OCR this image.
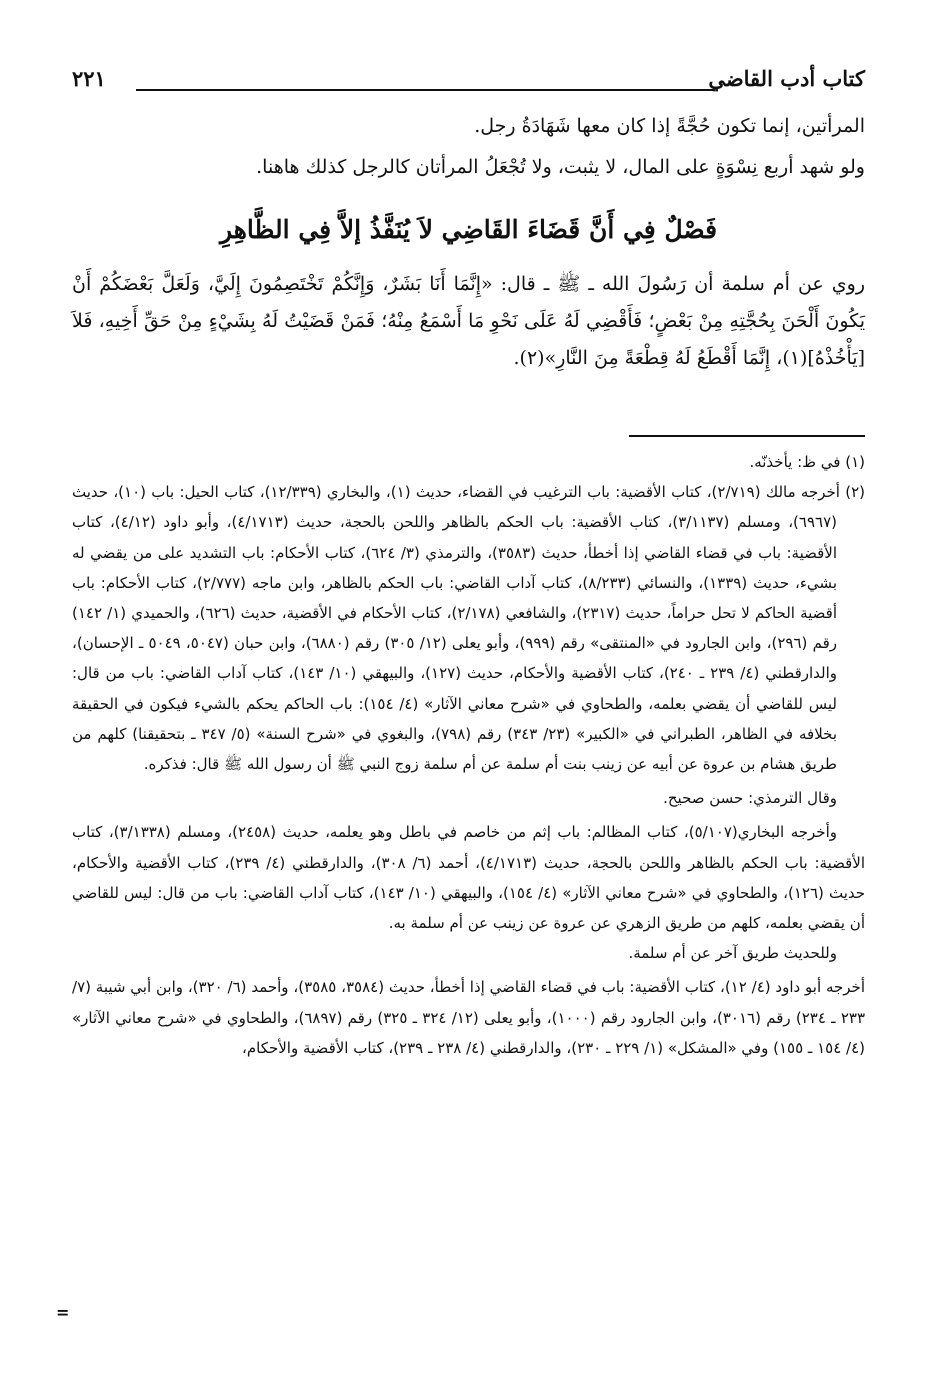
كتاب أدب القاضي
٢٢١

المرأتين، إنما تكون حُجَّةً إذا كان معها شَهَادَةُ رجل.

ولو شهد أربع نِسْوَةٍ على المال، لا يثبت، ولا تُجْعَلُ المرأتان كالرجل كذلك هاهنا.

فَصْلٌ فِي أَنَّ قَضَاءَ القَاضِي لاَ يُنَفَّذُ إلاَّ فِي الظَّاهِرِ

روي عن أم سلمة أن رَسُولَ الله ـ ﷺ ـ قال: «إِنَّمَا أَنَا بَشَرٌ، وَإِنَّكُمْ تَخْتَصِمُونَ إِلَيَّ، وَلَعَلَّ بَعْضَكُمْ أَنْ يَكُونَ أَلْحَنَ بِحُجَّتِهِ مِنْ بَعْضٍ؛ فَأَقْضِي لَهُ عَلَى نَحْوِ مَا أَسْمَعُ مِنْهُ؛ فَمَنْ قَضَيْتُ لَهُ بِشَيْءٍ مِنْ حَقِّ أَخِيهِ، فَلاَ [يَأْخُذْهُ](١)، إِنَّمَا أَقْطَعُ لَهُ قِطْعَةً مِنَ النَّارِ»(٢).

(١) في ظ: يأخذنّه.

(٢) أخرجه مالك (٢/٧١٩)، كتاب الأقضية: باب الترغيب في القضاء، حديث (١)، والبخاري (١٢/٣٣٩)، كتاب الحيل: باب (١٠)، حديث (٦٩٦٧)، ومسلم (٣/١١٣٧)، كتاب الأقضية: باب الحكم بالظاهر واللحن بالحجة، حديث (٤/١٧١٣)، وأبو داود (٤/١٢)، كتاب الأقضية: باب في قضاء القاضي إذا أخطأ، حديث (٣٥٨٣)، والترمذي (٣/ ٦٢٤)، كتاب الأحكام: باب التشديد على من يقضي له بشيء، حديث (١٣٣٩)، والنسائي (٨/٢٣٣)، كتاب آداب القاضي: باب الحكم بالظاهر، وابن ماجه (٢/٧٧٧)، كتاب الأحكام: باب أقضية الحاكم لا تحل حراماً، حديث (٢٣١٧)، والشافعي (٢/١٧٨)، كتاب الأحكام في الأقضية، حديث (٦٢٦)، والحميدي (١/ ١٤٢) رقم (٢٩٦)، وابن الجارود في «المنتقى» رقم (٩٩٩)، وأبو يعلى (١٢/ ٣٠٥) رقم (٦٨٨٠)، وابن حبان (٥٠٤٧، ٥٠٤٩ ـ الإحسان)، والدارقطني (٤/ ٢٣٩ ـ ٢٤٠)، كتاب الأقضية والأحكام، حديث (١٢٧)، والبيهقي (١٠/ ١٤٣)، كتاب آداب القاضي: باب من قال: ليس للقاضي أن يقضي بعلمه، والطحاوي في «شرح معاني الآثار» (٤/ ١٥٤): باب الحاكم يحكم بالشيء فيكون في الحقيقة بخلافه في الظاهر، الطبراني في «الكبير» (٢٣/ ٣٤٣) رقم (٧٩٨)، والبغوي في «شرح السنة» (٥/ ٣٤٧ ـ بتحقيقنا) كلهم من طريق هشام بن عروة عن أبيه عن زينب بنت أم سلمة عن أم سلمة زوج النبي ﷺ أن رسول الله ﷺ قال: فذكره.

وقال الترمذي: حسن صحيح.

وأخرجه البخاري(٥/١٠٧)، كتاب المظالم: باب إثم من خاصم في باطل وهو يعلمه، حديث (٢٤٥٨)، ومسلم (٣/١٣٣٨)، كتاب الأقضية: باب الحكم بالظاهر واللحن بالحجة، حديث (٤/١٧١٣)، أحمد (٦/ ٣٠٨)، والدارقطني (٤/ ٢٣٩)، كتاب الأقضية والأحكام، حديث (١٢٦)، والطحاوي في «شرح معاني الآثار» (٤/ ١٥٤)، والبيهقي (١٠/ ١٤٣)، كتاب آداب القاضي: باب من قال: ليس للقاضي أن يقضي بعلمه، كلهم من طريق الزهري عن عروة عن زينب عن أم سلمة به.

وللحديث طريق آخر عن أم سلمة.

أخرجه أبو داود (٤/ ١٢)، كتاب الأقضية: باب في قضاء القاضي إذا أخطأ، حديث (٣٥٨٤، ٣٥٨٥)، وأحمد (٦/ ٣٢٠)، وابن أبي شيبة (٧/ ٢٣٣ ـ ٢٣٤) رقم (٣٠١٦)، وابن الجارود رقم (١٠٠٠)، وأبو يعلى (١٢/ ٣٢٤ ـ ٣٢٥) رقم (٦٨٩٧)، والطحاوي في «شرح معاني الآثار» (٤/ ١٥٤ ـ ١٥٥) وفي «المشكل» (١/ ٢٢٩ ـ ٢٣٠)، والدارقطني (٤/ ٢٣٨ ـ ٢٣٩)، كتاب الأقضية والأحكام،

=
